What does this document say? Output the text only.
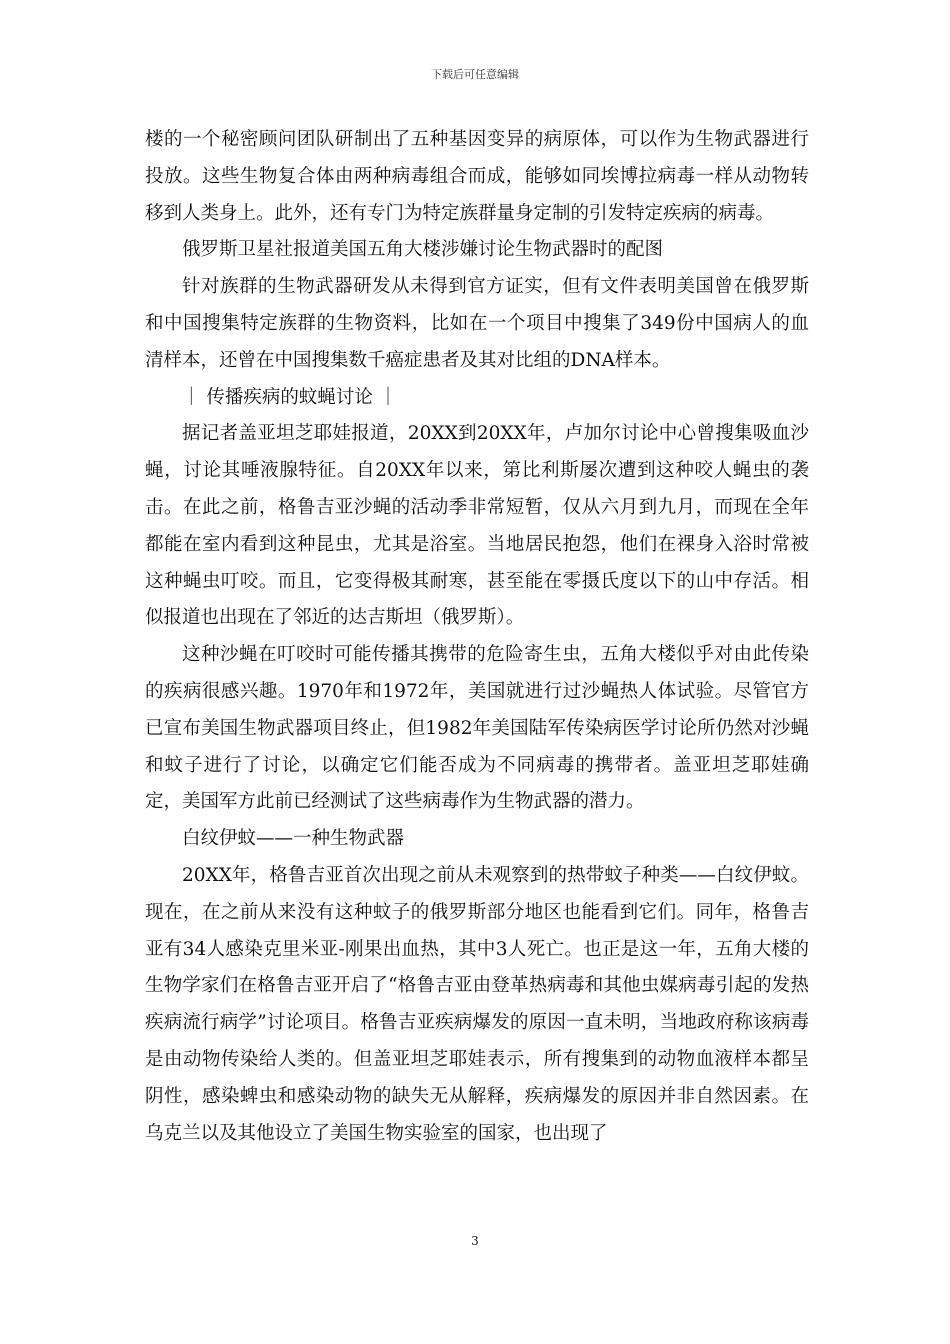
下载后可任意编辑

楼的一个秘密顾问团队研制出了五种基因变异的病原体，可以作为生物武器进行投放。这些生物复合体由两种病毒组合而成，能够如同埃博拉病毒一样从动物转移到人类身上。此外，还有专门为特定族群量身定制的引发特定疾病的病毒。

俄罗斯卫星社报道美国五角大楼涉嫌讨论生物武器时的配图

针对族群的生物武器研发从未得到官方证实，但有文件表明美国曾在俄罗斯和中国搜集特定族群的生物资料，比如在一个项目中搜集了349份中国病人的血清样本，还曾在中国搜集数千癌症患者及其对比组的DNA样本。

｜ 传播疾病的蚊蝇讨论 ｜

据记者盖亚坦芝耶娃报道，20XX到20XX年，卢加尔讨论中心曾搜集吸血沙蝇，讨论其唾液腺特征。自20XX年以来，第比利斯屡次遭到这种咬人蝇虫的袭击。在此之前，格鲁吉亚沙蝇的活动季非常短暂，仅从六月到九月，而现在全年都能在室内看到这种昆虫，尤其是浴室。当地居民抱怨，他们在裸身入浴时常被这种蝇虫叮咬。而且，它变得极其耐寒，甚至能在零摄氏度以下的山中存活。相似报道也出现在了邻近的达吉斯坦（俄罗斯）。

这种沙蝇在叮咬时可能传播其携带的危险寄生虫，五角大楼似乎对由此传染的疾病很感兴趣。1970年和1972年，美国就进行过沙蝇热人体试验。尽管官方已宣布美国生物武器项目终止，但1982年美国陆军传染病医学讨论所仍然对沙蝇和蚊子进行了讨论，以确定它们能否成为不同病毒的携带者。盖亚坦芝耶娃确定，美国军方此前已经测试了这些病毒作为生物武器的潜力。

白纹伊蚊——一种生物武器

20XX年，格鲁吉亚首次出现之前从未观察到的热带蚊子种类——白纹伊蚊。现在，在之前从来没有这种蚊子的俄罗斯部分地区也能看到它们。同年，格鲁吉亚有34人感染克里米亚-刚果出血热，其中3人死亡。也正是这一年，五角大楼的生物学家们在格鲁吉亚开启了“格鲁吉亚由登革热病毒和其他虫媒病毒引起的发热疾病流行病学”讨论项目。格鲁吉亚疾病爆发的原因一直未明，当地政府称该病毒是由动物传染给人类的。但盖亚坦芝耶娃表示，所有搜集到的动物血液样本都呈阴性，感染蜱虫和感染动物的缺失无从解释，疾病爆发的原因并非自然因素。在乌克兰以及其他设立了美国生物实验室的国家，也出现了

3
